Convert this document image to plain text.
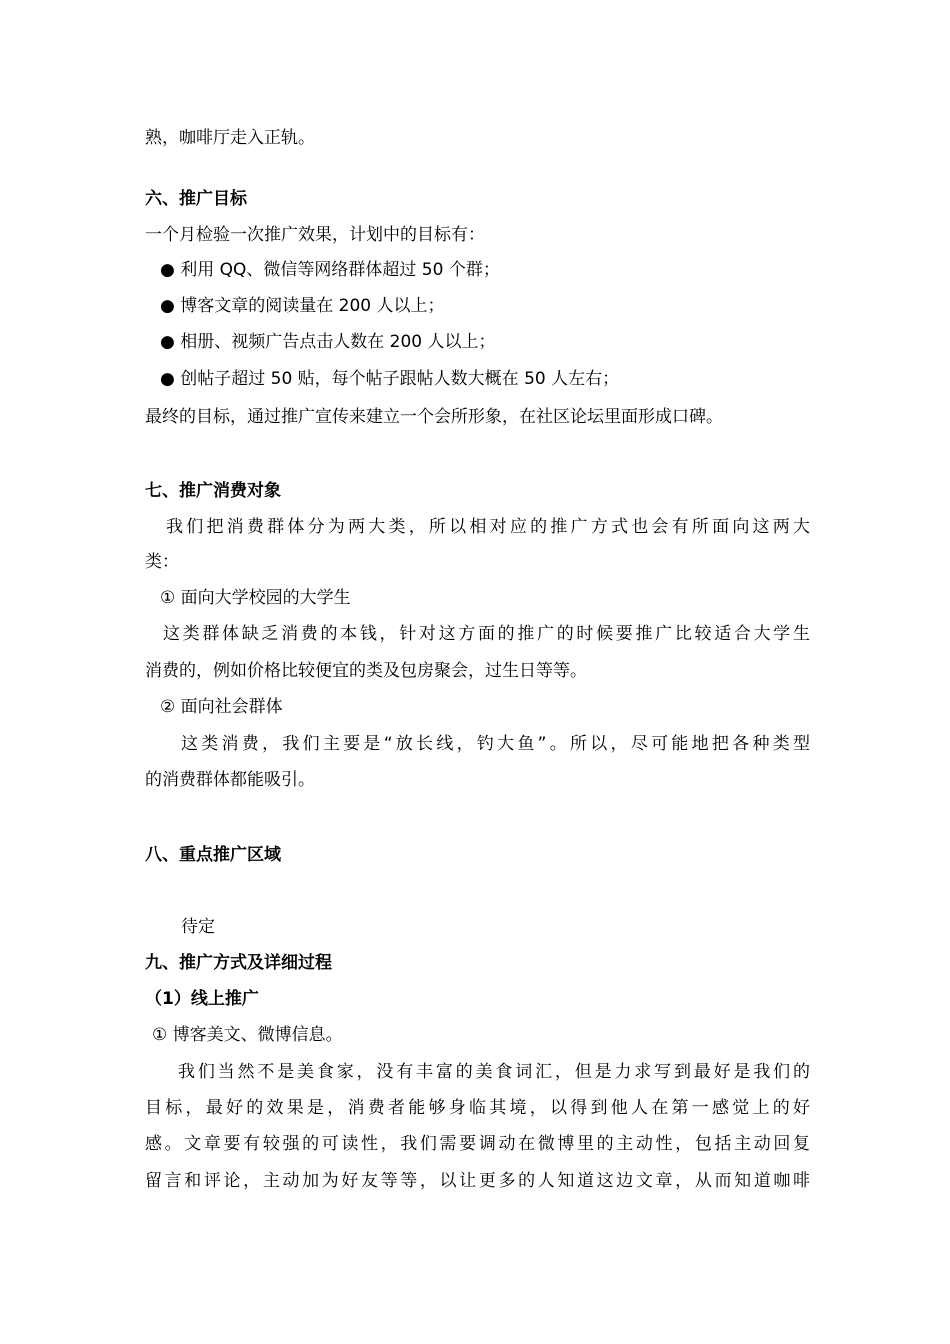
熟，咖啡厅走入正轨。
六、推广目标
一个月检验一次推广效果，计划中的目标有：
● 利用 QQ、微信等网络群体超过 50 个群；
● 博客文章的阅读量在 200 人以上；
● 相册、视频广告点击人数在 200 人以上；
● 创帖子超过 50 贴，每个帖子跟帖人数大概在 50 人左右；
最终的目标，通过推广宣传来建立一个会所形象，在社区论坛里面形成口碑。
七、推广消费对象
我们把消费群体分为两大类，所以相对应的推广方式也会有所面向这两大
类：
① 面向大学校园的大学生
这类群体缺乏消费的本钱，针对这方面的推广的时候要推广比较适合大学生
消费的，例如价格比较便宜的类及包房聚会，过生日等等。
② 面向社会群体
这类消费，我们主要是“放长线，钓大鱼”。所以，尽可能地把各种类型
的消费群体都能吸引。
八、重点推广区域
待定
九、推广方式及详细过程
（1）线上推广
① 博客美文、微博信息。
我们当然不是美食家，没有丰富的美食词汇，但是力求写到最好是我们的
目标，最好的效果是，消费者能够身临其境，以得到他人在第一感觉上的好
感。文章要有较强的可读性，我们需要调动在微博里的主动性，包括主动回复
留言和评论，主动加为好友等等，以让更多的人知道这边文章，从而知道咖啡
